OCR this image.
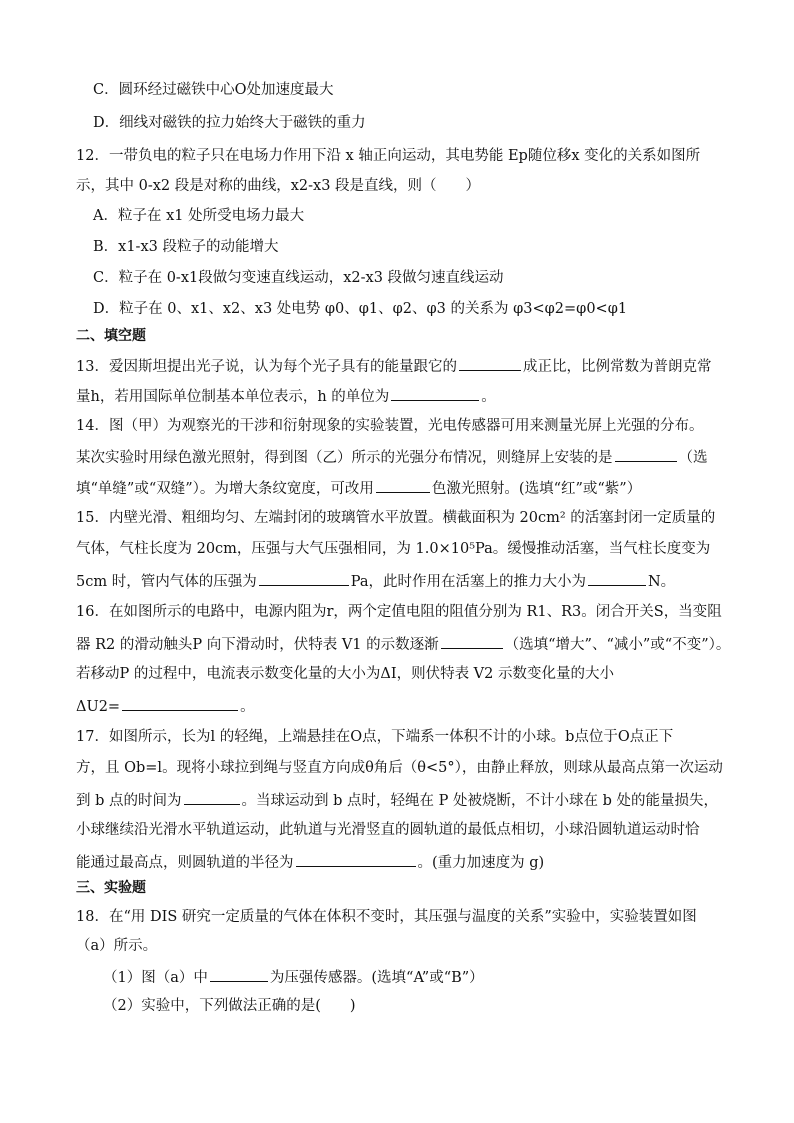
C．圆环经过磁铁中心O处加速度最大
D．细线对磁铁的拉力始终大于磁铁的重力
12．一带负电的粒子只在电场力作用下沿 x 轴正向运动，其电势能 Ep随位移x 变化的关系如图所
示，其中 0-x2 段是对称的曲线，x2-x3 段是直线，则（　　）
A．粒子在 x1 处所受电场力最大
B．x1-x3 段粒子的动能增大
C．粒子在 0-x1段做匀变速直线运动，x2-x3 段做匀速直线运动
D．粒子在 0、x1、x2、x3 处电势 φ0、φ1、φ2、φ3 的关系为 φ3<φ2=φ0<φ1
二、填空题
13．爱因斯坦提出光子说，认为每个光子具有的能量跟它的	成正比，比例常数为普朗克常
量h，若用国际单位制基本单位表示，h 的单位为	。
14．图（甲）为观察光的干涉和衍射现象的实验装置，光电传感器可用来测量光屏上光强的分布。
某次实验时用绿色激光照射，得到图（乙）所示的光强分布情况，则缝屏上安装的是	（选
填“单缝”或“双缝”）。为增大条纹宽度，可改用	色激光照射。(选填“红”或“紫”）
15．内壁光滑、粗细均匀、左端封闭的玻璃管水平放置。横截面积为 20cm² 的活塞封闭一定质量的
气体，气柱长度为 20cm，压强与大气压强相同，为 1.0×10⁵Pa。缓慢推动活塞，当气柱长度变为
5cm 时，管内气体的压强为	Pa，此时作用在活塞上的推力大小为	N。
16．在如图所示的电路中，电源内阻为r，两个定值电阻的阻值分别为 R1、R3。闭合开关S，当变阻
器 R2 的滑动触头P 向下滑动时，伏特表 V1 的示数逐渐	（选填“增大”、“减小”或“不变”）。
若移动P 的过程中，电流表示数变化量的大小为ΔI，则伏特表 V2 示数变化量的大小
ΔU2=	。
17．如图所示，长为l 的轻绳，上端悬挂在O点，下端系一体积不计的小球。b点位于O点正下
方，且 Ob=l。现将小球拉到绳与竖直方向成θ角后（θ<5°），由静止释放，则球从最高点第一次运动
到 b 点的时间为	。当球运动到 b 点时，轻绳在 P 处被烧断，不计小球在 b 处的能量损失，
小球继续沿光滑水平轨道运动，此轨道与光滑竖直的圆轨道的最低点相切，小球沿圆轨道运动时恰
能通过最高点，则圆轨道的半径为	。(重力加速度为 g)
三、实验题
18．在“用 DIS 研究一定质量的气体在体积不变时，其压强与温度的关系”实验中，实验装置如图
（a）所示。
（1）图（a）中	为压强传感器。(选填“A”或“B”）
（2）实验中，下列做法正确的是(　　)
